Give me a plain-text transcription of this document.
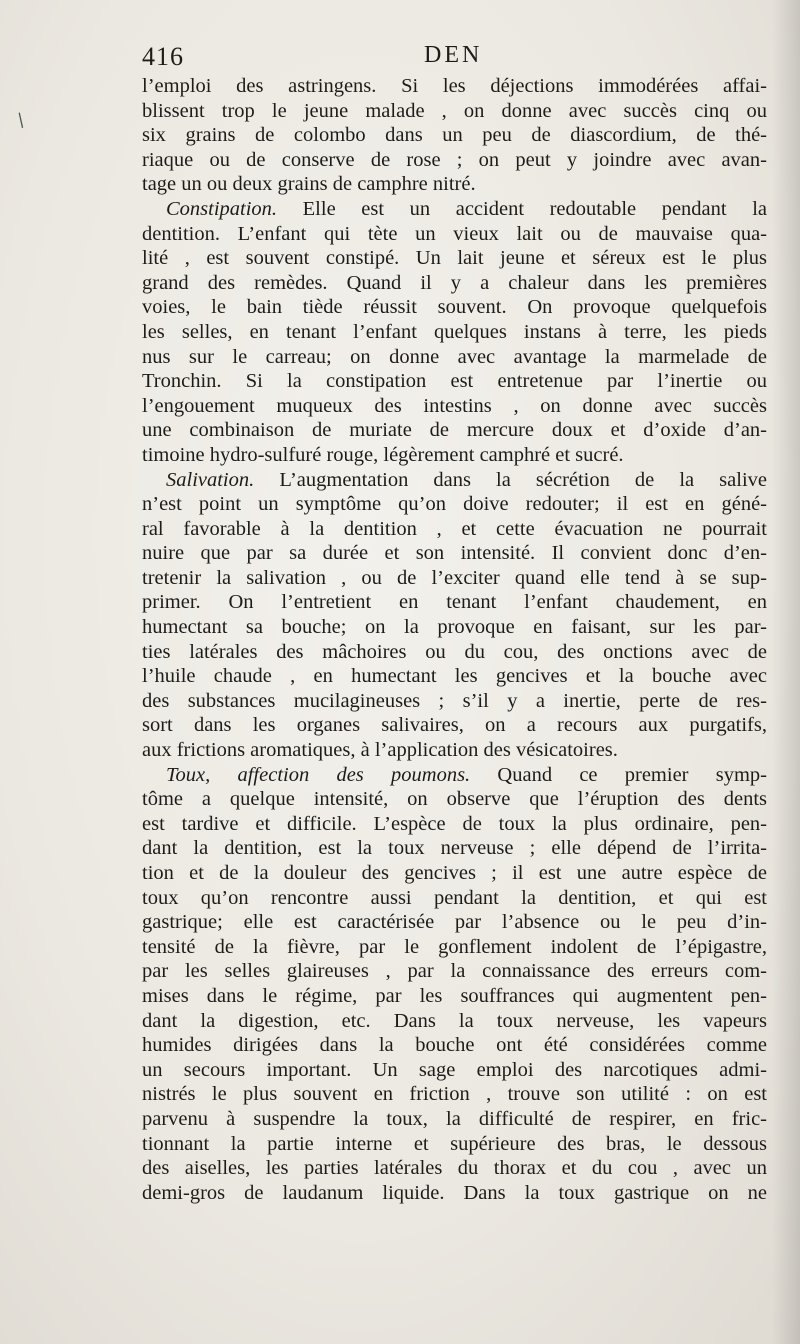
/
416	DEN
l’emploi des astringens. Si les déjections immodérées affai-
blissent trop le jeune malade , on donne avec succès cinq ou
six grains de colombo dans un peu de diascordium, de thé-
riaque ou de conserve de rose ; on peut y joindre avec avan-
tage un ou deux grains de camphre nitré.
Constipation. Elle est un accident redoutable pendant la
dentition. L’enfant qui tète un vieux lait ou de mauvaise qua-
lité , est souvent constipé. Un lait jeune et séreux est le plus
grand des remèdes. Quand il y a chaleur dans les premières
voies, le bain tiède réussit souvent. On provoque quelquefois
les selles, en tenant l’enfant quelques instans à terre, les pieds
nus sur le carreau; on donne avec avantage la marmelade de
Tronchin. Si la constipation est entretenue par l’inertie ou
l’engouement muqueux des intestins , on donne avec succès
une combinaison de muriate de mercure doux et d’oxide d’an-
timoine hydro-sulfuré rouge, légèrement camphré et sucré.
Salivation. L’augmentation dans la sécrétion de la salive
n’est point un symptôme qu’on doive redouter; il est en géné-
ral favorable à la dentition , et cette évacuation ne pourrait
nuire que par sa durée et son intensité. Il convient donc d’en-
tretenir la salivation , ou de l’exciter quand elle tend à se sup-
primer. On l’entretient en tenant l’enfant chaudement, en
humectant sa bouche; on la provoque en faisant, sur les par-
ties latérales des mâchoires ou du cou, des onctions avec de
l’huile chaude , en humectant les gencives et la bouche avec
des substances mucilagineuses ; s’il y a inertie, perte de res-
sort dans les organes salivaires, on a recours aux purgatifs,
aux frictions aromatiques, à l’application des vésicatoires.
Toux, affection des poumons. Quand ce premier symp-
tôme a quelque intensité, on observe que l’éruption des dents
est tardive et difficile. L’espèce de toux la plus ordinaire, pen-
dant la dentition, est la toux nerveuse ; elle dépend de l’irrita-
tion et de la douleur des gencives ; il est une autre espèce de
toux qu’on rencontre aussi pendant la dentition, et qui est
gastrique; elle est caractérisée par l’absence ou le peu d’in-
tensité de la fièvre, par le gonflement indolent de l’épigastre,
par les selles glaireuses , par la connaissance des erreurs com-
mises dans le régime, par les souffrances qui augmentent pen-
dant la digestion, etc. Dans la toux nerveuse, les vapeurs
humides dirigées dans la bouche ont été considérées comme
un secours important. Un sage emploi des narcotiques admi-
nistrés le plus souvent en friction , trouve son utilité : on est
parvenu à suspendre la toux, la difficulté de respirer, en fric-
tionnant la partie interne et supérieure des bras, le dessous
des aiselles, les parties latérales du thorax et du cou , avec un
demi-gros de laudanum liquide. Dans la toux gastrique on ne
